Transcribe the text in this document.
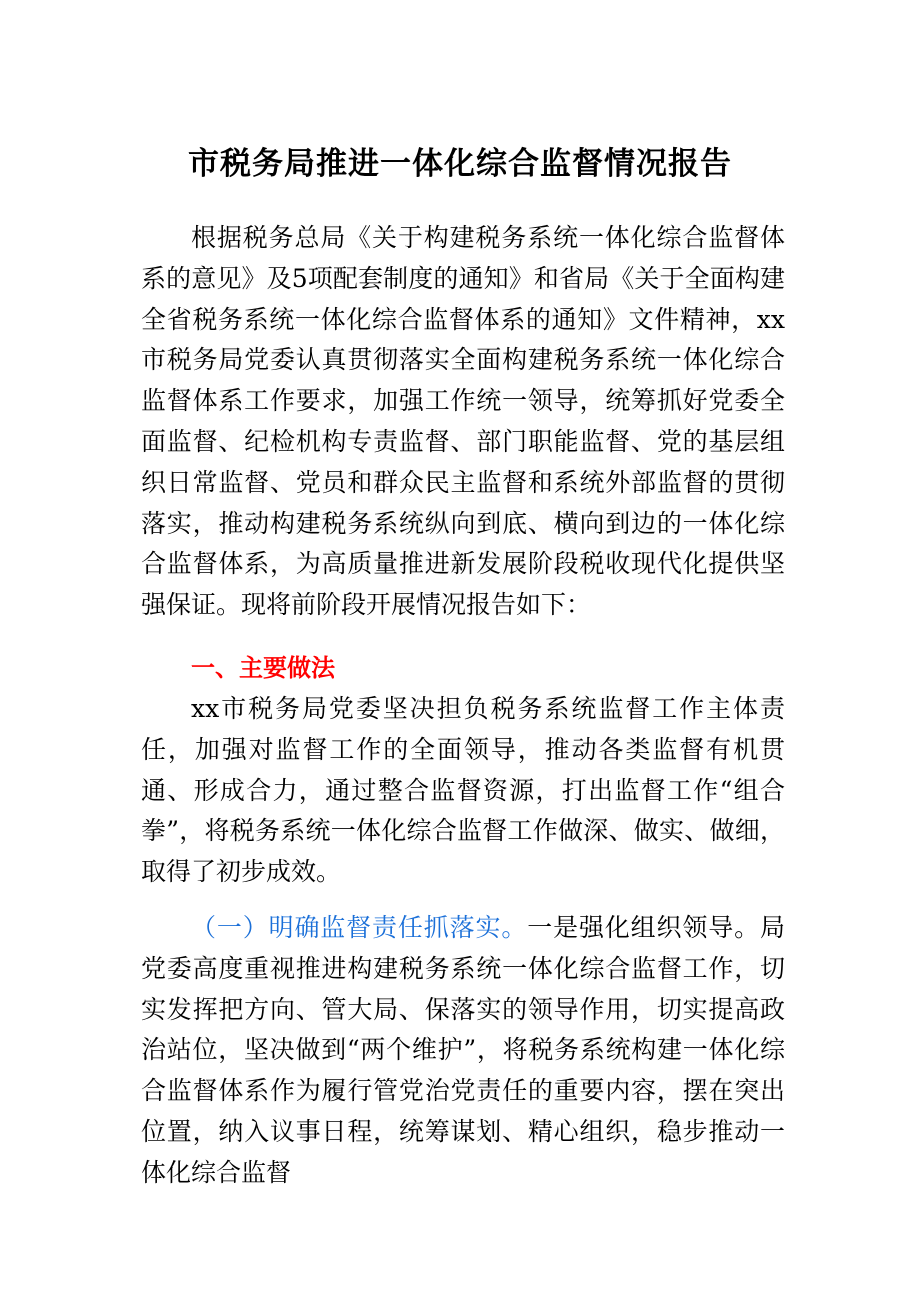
市税务局推进一体化综合监督情况报告

根据税务总局《关于构建税务系统一体化综合监督体系的意见》及5项配套制度的通知》和省局《关于全面构建全省税务系统一体化综合监督体系的通知》文件精神，xx市税务局党委认真贯彻落实全面构建税务系统一体化综合监督体系工作要求，加强工作统一领导，统筹抓好党委全面监督、纪检机构专责监督、部门职能监督、党的基层组织日常监督、党员和群众民主监督和系统外部监督的贯彻落实，推动构建税务系统纵向到底、横向到边的一体化综合监督体系，为高质量推进新发展阶段税收现代化提供坚强保证。现将前阶段开展情况报告如下：

一、主要做法

xx市税务局党委坚决担负税务系统监督工作主体责任，加强对监督工作的全面领导，推动各类监督有机贯通、形成合力，通过整合监督资源，打出监督工作“组合拳”，将税务系统一体化综合监督工作做深、做实、做细，取得了初步成效。

（一）明确监督责任抓落实。一是强化组织领导。局党委高度重视推进构建税务系统一体化综合监督工作，切实发挥把方向、管大局、保落实的领导作用，切实提高政治站位，坚决做到“两个维护”，将税务系统构建一体化综合监督体系作为履行管党治党责任的重要内容，摆在突出位置，纳入议事日程，统筹谋划、精心组织，稳步推动一体化综合监督
